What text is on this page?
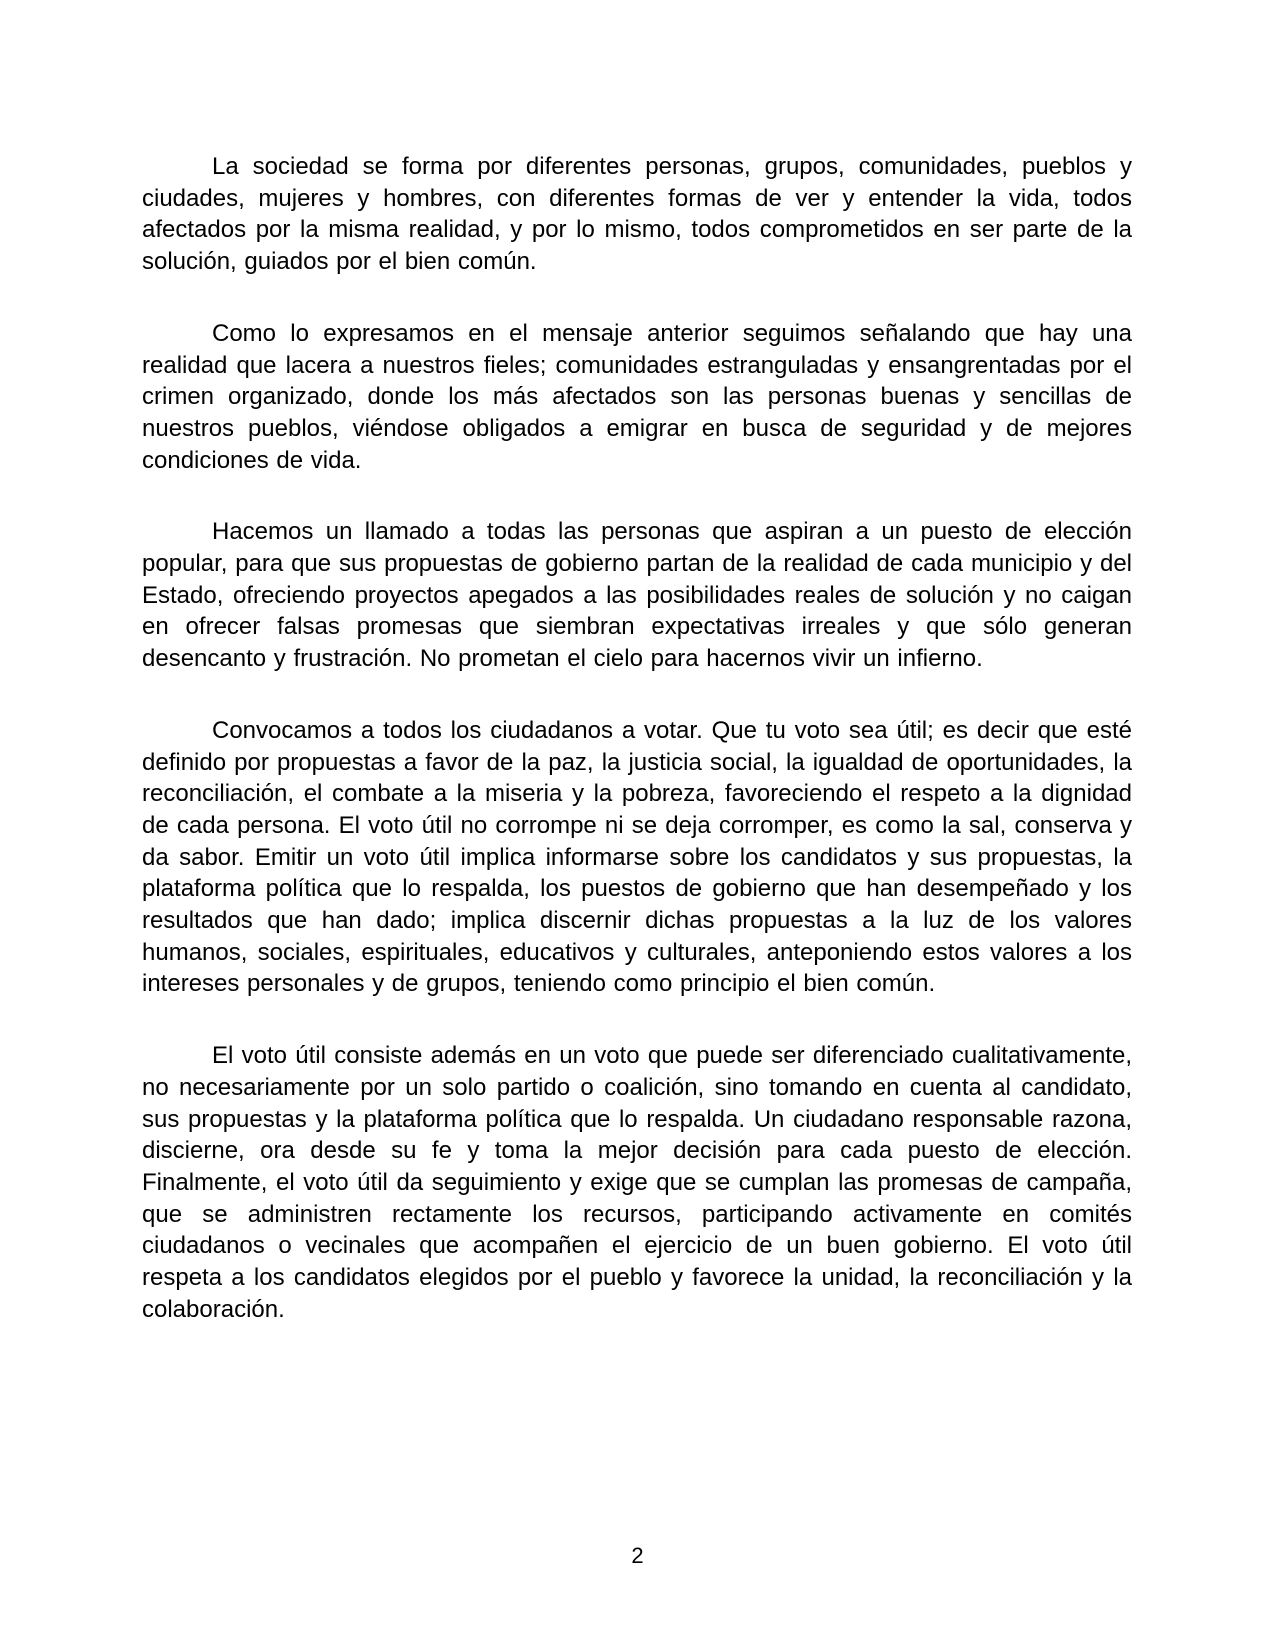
La sociedad se forma por diferentes personas, grupos, comunidades, pueblos y ciudades, mujeres y hombres, con diferentes formas de ver y entender la vida, todos afectados por la misma realidad, y por lo mismo, todos comprometidos en ser parte de la solución, guiados por el bien común.

Como lo expresamos en el mensaje anterior seguimos señalando que hay una realidad que lacera a nuestros fieles; comunidades estranguladas y ensangrentadas por el crimen organizado, donde los más afectados son las personas buenas y sencillas de nuestros pueblos, viéndose obligados a emigrar en busca de seguridad y de mejores condiciones de vida.

Hacemos un llamado a todas las personas que aspiran a un puesto de elección popular, para que sus propuestas de gobierno partan de la realidad de cada municipio y del Estado, ofreciendo proyectos apegados a las posibilidades reales de solución y no caigan en ofrecer falsas promesas que siembran expectativas irreales y que sólo generan desencanto y frustración. No prometan el cielo para hacernos vivir un infierno.

Convocamos a todos los ciudadanos a votar. Que tu voto sea útil; es decir que esté definido por propuestas a favor de la paz, la justicia social, la igualdad de oportunidades, la reconciliación, el combate a la miseria y la pobreza, favoreciendo el respeto a la dignidad de cada persona. El voto útil no corrompe ni se deja corromper, es como la sal, conserva y da sabor. Emitir un voto útil implica informarse sobre los candidatos y sus propuestas, la plataforma política que lo respalda, los puestos de gobierno que han desempeñado y los resultados que han dado; implica discernir dichas propuestas a la luz de los valores humanos, sociales, espirituales, educativos y culturales, anteponiendo estos valores a los intereses personales y de grupos, teniendo como principio el bien común.

El voto útil consiste además en un voto que puede ser diferenciado cualitativamente, no necesariamente por un solo partido o coalición, sino tomando en cuenta al candidato, sus propuestas y la plataforma política que lo respalda. Un ciudadano responsable razona, discierne, ora desde su fe y toma la mejor decisión para cada puesto de elección. Finalmente, el voto útil da seguimiento y exige que se cumplan las promesas de campaña, que se administren rectamente los recursos, participando activamente en comités ciudadanos o vecinales que acompañen el ejercicio de un buen gobierno. El voto útil respeta a los candidatos elegidos por el pueblo y favorece la unidad, la reconciliación y la colaboración.

2
